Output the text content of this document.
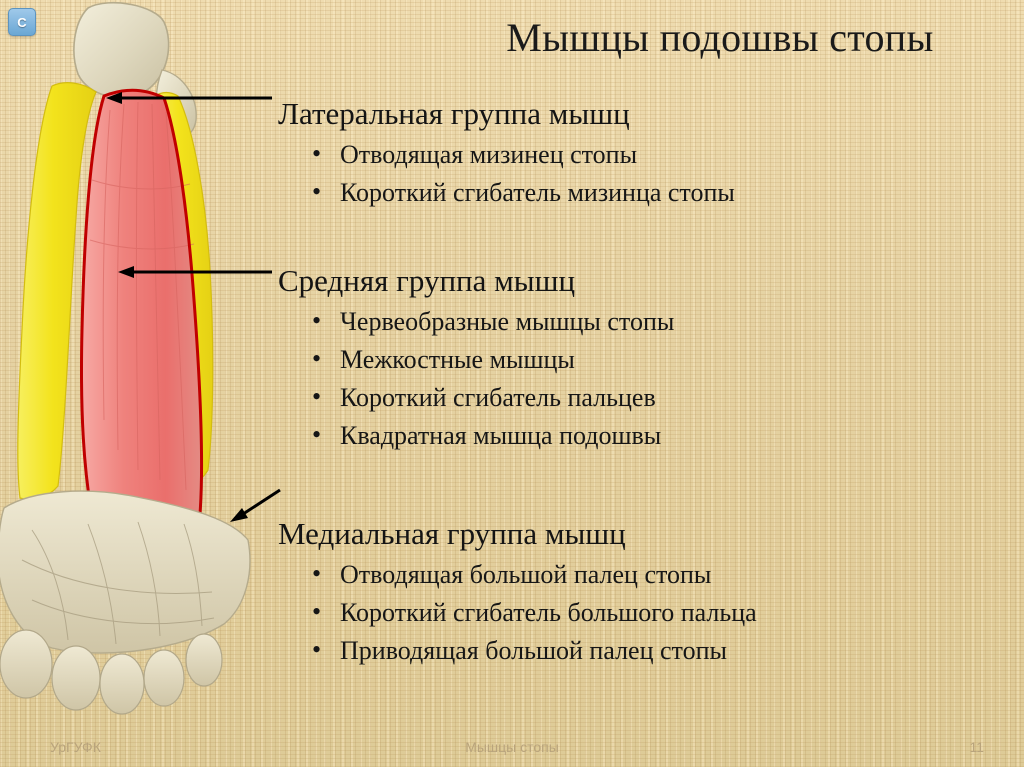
C	Мышцы подошвы стопы
Латеральная группа мышц
• Отводящая мизинец стопы
• Короткий сгибатель мизинца стопы
Средняя группа мышц
• Червеобразные мышцы стопы
• Межкостные мышцы
• Короткий сгибатель пальцев
• Квадратная мышца подошвы
Медиальная группа мышц
• Отводящая большой палец стопы
• Короткий сгибатель большого пальца
• Приводящая большой палец стопы
УрГУФК	Мышцы стопы	11
